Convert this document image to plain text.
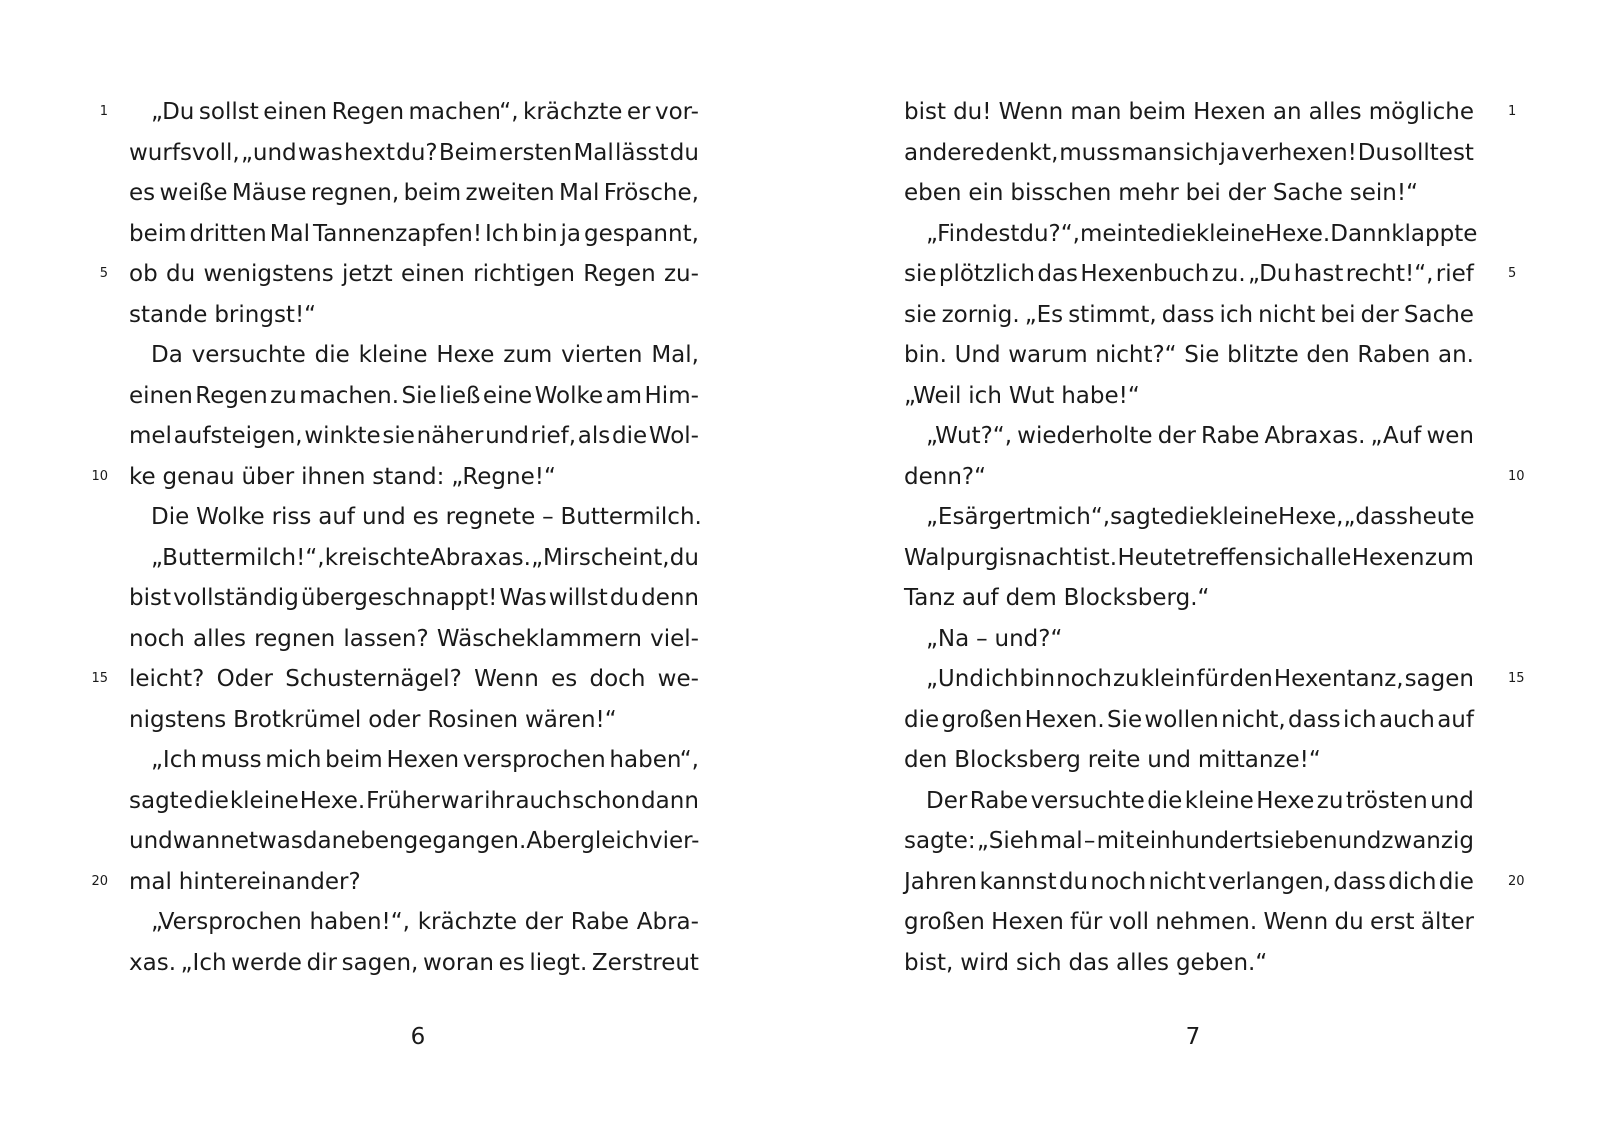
1 „Du sollst einen Regen machen“, krächzte er vor-
wurfsvoll, „und was hext du? Beim ersten Mal lässt du
es weiße Mäuse regnen, beim zweiten Mal Frösche,
beim dritten Mal Tannenzapfen! Ich bin ja gespannt,
5 ob du wenigstens jetzt einen richtigen Regen zu-
stande bringst!“
Da versuchte die kleine Hexe zum vierten Mal,
einen Regen zu machen. Sie ließ eine Wolke am Him-
mel aufsteigen, winkte sie näher und rief, als die Wol-
10 ke genau über ihnen stand: „Regne!“
Die Wolke riss auf und es regnete – Buttermilch.
„Buttermilch!“, kreischte Abraxas. „Mir scheint, du
bist vollständig übergeschnappt! Was willst du denn
noch alles regnen lassen? Wäscheklammern viel-
15 leicht? Oder Schusternägel? Wenn es doch we-
nigstens Brotkrümel oder Rosinen wären!“
„Ich muss mich beim Hexen versprochen haben“,
sagte die kleine Hexe. Früher war ihr auch schon dann
und wann etwas danebengegangen. Aber gleich vier-
20 mal hintereinander?
„Versprochen haben!“, krächzte der Rabe Abra-
xas. „Ich werde dir sagen, woran es liegt. Zerstreut
1
bist du! Wenn man beim Hexen an alles mögliche
andere denkt, muss man sich ja verhexen! Du solltest
eben ein bisschen mehr bei der Sache sein!“
„Findest du?“, meinte die kleine Hexe. Dann klappte
5
sie plötzlich das Hexenbuch zu. „Du hast recht!“, rief
sie zornig. „Es stimmt, dass ich nicht bei der Sache
bin. Und warum nicht?“ Sie blitzte den Raben an.
„Weil ich Wut habe!“
„Wut?“, wiederholte der Rabe Abraxas. „Auf wen
10
denn?“
„Es ärgert mich“, sagte die kleine Hexe, „dass heute
Walpurgisnacht ist. Heute treffen sich alle Hexen zum
Tanz auf dem Blocksberg.“
„Na – und?“
15
„Und ich bin noch zu klein für den Hexentanz, sagen
die großen Hexen. Sie wollen nicht, dass ich auch auf
den Blocksberg reite und mittanze!“
Der Rabe versuchte die kleine Hexe zu trösten und
sagte: „Sieh mal – mit einhundertsiebenundzwanzig
20
Jahren kannst du noch nicht verlangen, dass dich die
großen Hexen für voll nehmen. Wenn du erst älter
bist, wird sich das alles geben.“
6	7
